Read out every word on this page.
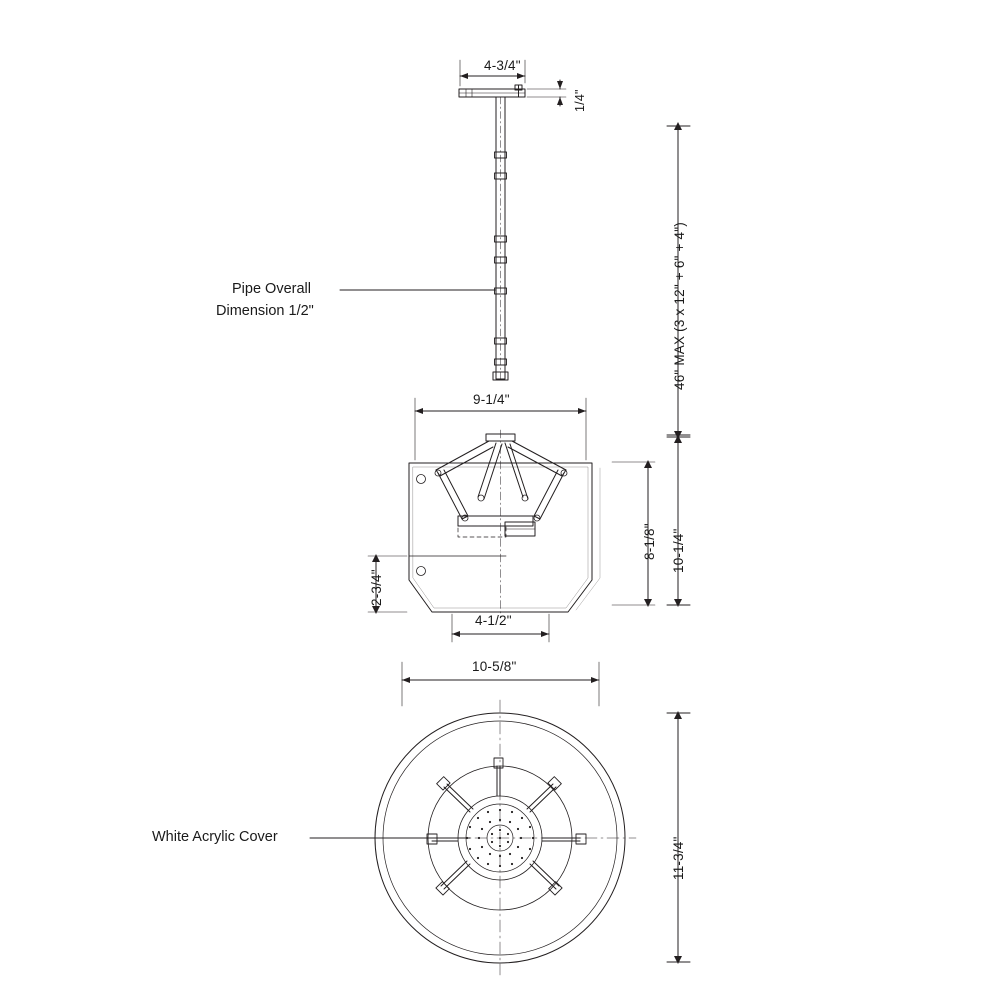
4-3/4"
1/4"
46" MAX (3 x 12" + 6" + 4")
9-1/4"
8-1/8" 10-1/4"
2-3/4"
4-1/2"
10-5/8"
11-3/4"
Pipe Overall
Dimension 1/2"
White Acrylic Cover
